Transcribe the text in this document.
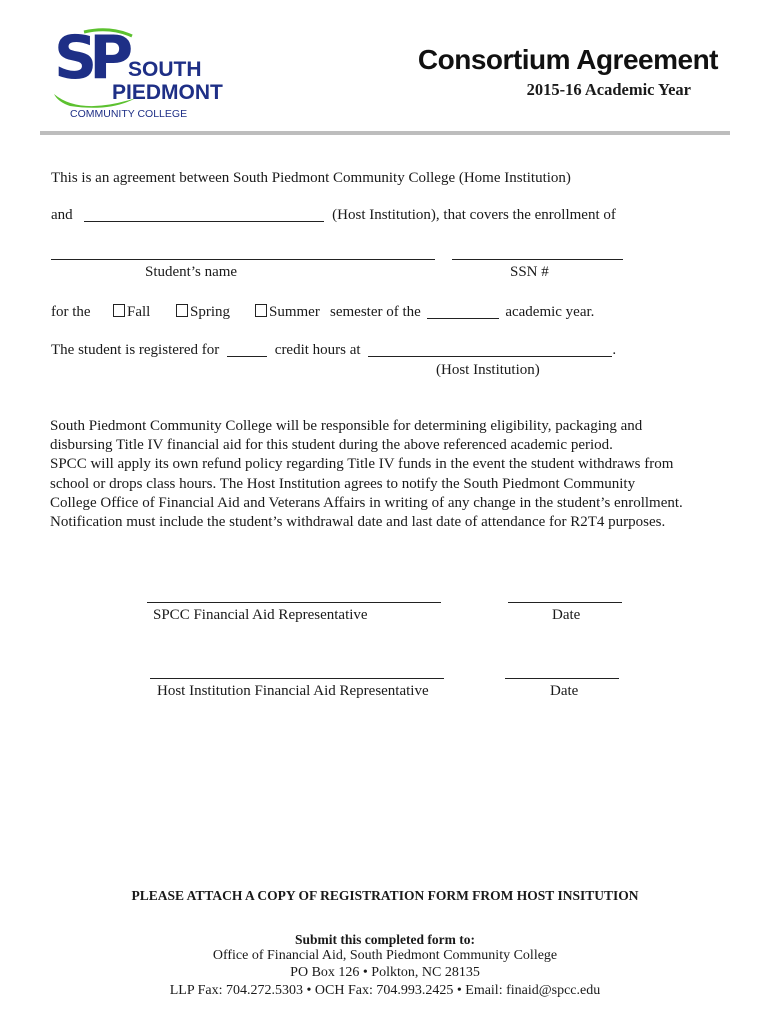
SP SOUTH
PIEDMONT
COMMUNITY COLLEGE
Consortium Agreement
2015-16 Academic Year
This is an agreement between South Piedmont Community College (Home Institution)
and	(Host Institution), that covers the enrollment of
Student’s name	SSN #
for the	Fall	Spring	Summer semester of the	academic year.
The student is registered for	credit hours at	.
(Host Institution)
South Piedmont Community College will be responsible for determining eligibility, packaging and
disbursing Title IV financial aid for this student during the above referenced academic period.
SPCC will apply its own refund policy regarding Title IV funds in the event the student withdraws from
school or drops class hours. The Host Institution agrees to notify the South Piedmont Community
College Office of Financial Aid and Veterans Affairs in writing of any change in the student’s enrollment.
Notification must include the student’s withdrawal date and last date of attendance for R2T4 purposes.
SPCC Financial Aid Representative	Date
Host Institution Financial Aid Representative	Date
PLEASE ATTACH A COPY OF REGISTRATION FORM FROM HOST INSITUTION
Submit this completed form to:
Office of Financial Aid, South Piedmont Community College
PO Box 126 • Polkton, NC 28135
LLP Fax: 704.272.5303 • OCH Fax: 704.993.2425 • Email: finaid@spcc.edu
